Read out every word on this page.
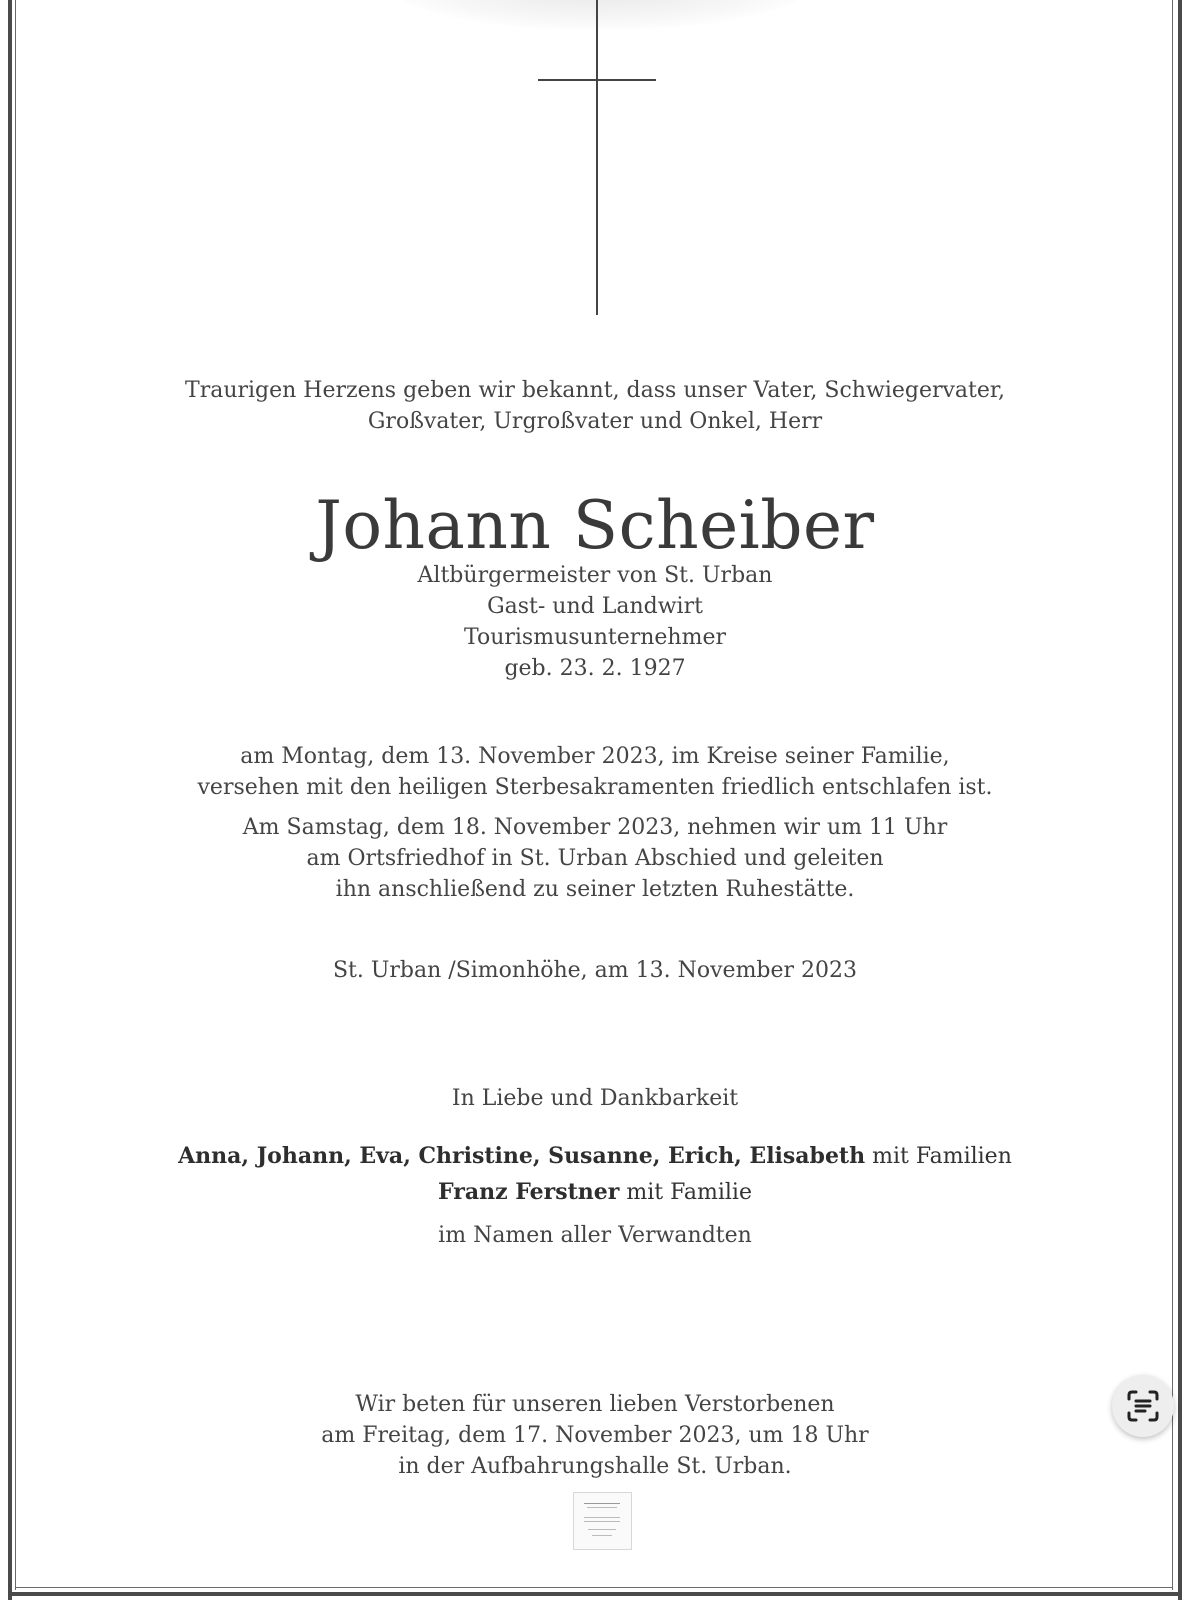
Traurigen Herzens geben wir bekannt, dass unser Vater, Schwiegervater,
Großvater, Urgroßvater und Onkel, Herr
Johann Scheiber
Altbürgermeister von St. Urban
Gast- und Landwirt
Tourismusunternehmer
geb. 23. 2. 1927
am Montag, dem 13. November 2023, im Kreise seiner Familie,
versehen mit den heiligen Sterbesakramenten friedlich entschlafen ist.
Am Samstag, dem 18. November 2023, nehmen wir um 11 Uhr
am Ortsfriedhof in St. Urban Abschied und geleiten
ihn anschließend zu seiner letzten Ruhestätte.
St. Urban /Simonhöhe, am 13. November 2023
In Liebe und Dankbarkeit
Anna, Johann, Eva, Christine, Susanne, Erich, Elisabeth mit Familien
Franz Ferstner mit Familie
im Namen aller Verwandten
Wir beten für unseren lieben Verstorbenen
am Freitag, dem 17. November 2023, um 18 Uhr
in der Aufbahrungshalle St. Urban.
